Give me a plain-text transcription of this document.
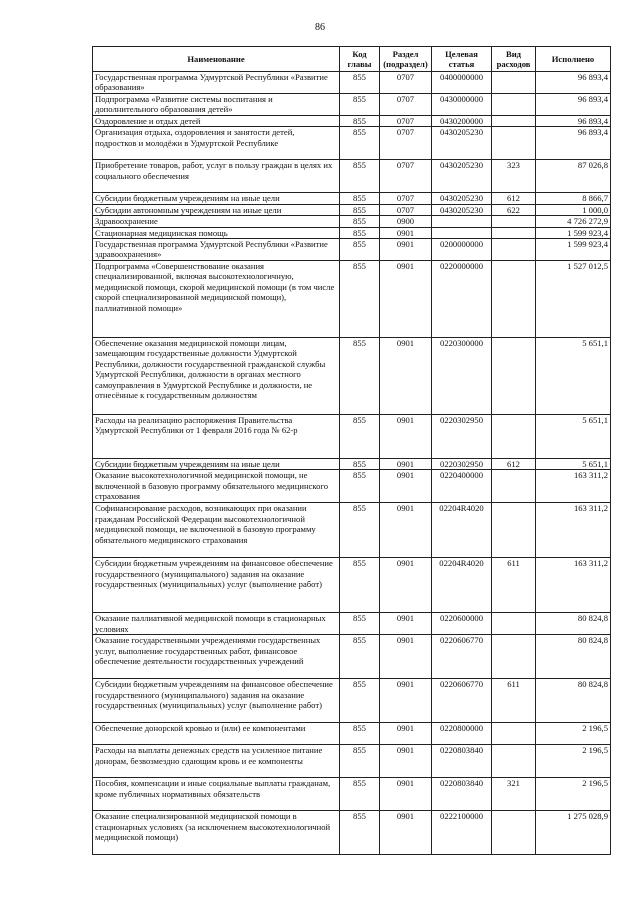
86
Наименование	Код главы	Раздел (подраздел)	Целевая статья	Вид расходов	Исполнено
Государственная программа Удмуртской Республики «Развитие образования»	855	0707	0400000000		96 893,4
Подпрограмма «Развитие системы воспитания и дополнительного образования детей»	855	0707	0430000000		96 893,4
Оздоровление и отдых детей	855	0707	0430200000		96 893,4
Организация отдыха, оздоровления и занятости детей, подростков и молодёжи в Удмуртской Республике	855	0707	0430205230		96 893,4
Приобретение товаров, работ, услуг в пользу граждан в целях их социального обеспечения	855	0707	0430205230	323	87 026,8
Субсидии бюджетным учреждениям на иные цели	855	0707	0430205230	612	8 866,7
Субсидии автономным учреждениям на иные цели	855	0707	0430205230	622	1 000,0
Здравоохранение	855	0900			4 726 272,9
Стационарная медицинская помощь	855	0901			1 599 923,4
Государственная программа Удмуртской Республики «Развитие здравоохранения»	855	0901	0200000000		1 599 923,4
Подпрограмма «Совершенствование оказания специализированной, включая высокотехнологичную, медицинской помощи, скорой медицинской помощи (в том числе скорой специализированной медицинской помощи), паллиативной помощи»	855	0901	0220000000		1 527 012,5
Обеспечение оказания медицинской помощи лицам, замещающим государственные должности Удмуртской Республики, должности государственной гражданской службы Удмуртской Республики, должности в органах местного самоуправления в Удмуртской Республике и должности, не отнесённые к государственным должностям	855	0901	0220300000		5 651,1
Расходы на реализацию распоряжения Правительства Удмуртской Республики от 1 февраля 2016 года № 62-р	855	0901	0220302950		5 651,1
Субсидии бюджетным учреждениям на иные цели	855	0901	0220302950	612	5 651,1
Оказание высокотехнологичной медицинской помощи, не включенной в базовую программу обязательного медицинского страхования	855	0901	0220400000		163 311,2
Софинансирование расходов, возникающих при оказании гражданам Российской Федерации высокотехнологичной медицинской помощи, не включенной в базовую программу обязательного медицинского страхования	855	0901	02204R4020		163 311,2
Субсидии бюджетным учреждениям на финансовое обеспечение государственного (муниципального) задания на оказание государственных (муниципальных) услуг (выполнение работ)	855	0901	02204R4020	611	163 311,2
Оказание паллиативной медицинской помощи в стационарных условиях	855	0901	0220600000		80 824,8
Оказание государственными учреждениями государственных услуг, выполнение государственных работ, финансовое обеспечение деятельности государственных учреждений	855	0901	0220606770		80 824,8
Субсидии бюджетным учреждениям на финансовое обеспечение государственного (муниципального) задания на оказание государственных (муниципальных) услуг (выполнение работ)	855	0901	0220606770	611	80 824,8
Обеспечение донорской кровью и (или) ее компонентами	855	0901	0220800000		2 196,5
Расходы на выплаты денежных средств на усиленное питание донорам, безвозмездно сдающим кровь и ее компоненты	855	0901	0220803840		2 196,5
Пособия, компенсации и иные социальные выплаты гражданам, кроме публичных нормативных обязательств	855	0901	0220803840	321	2 196,5
Оказание специализированной медицинской помощи в стационарных условиях (за исключением высокотехнологичной медицинской помощи)	855	0901	0222100000		1 275 028,9
